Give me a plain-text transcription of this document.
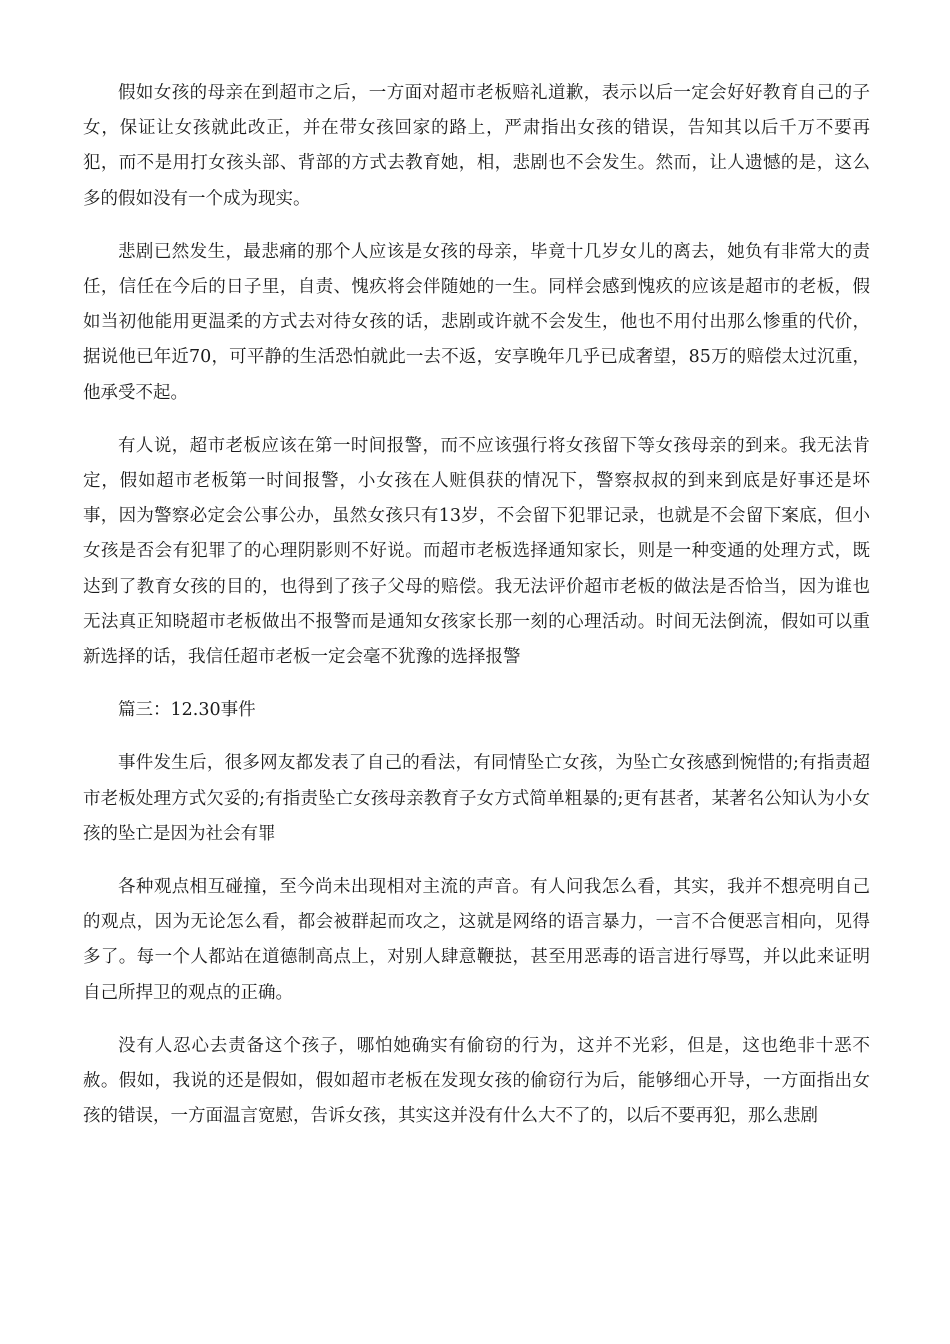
假如女孩的母亲在到超市之后，一方面对超市老板赔礼道歉，表示以后一定会好好教育自己的子女，保证让女孩就此改正，并在带女孩回家的路上，严肃指出女孩的错误，告知其以后千万不要再犯，而不是用打女孩头部、背部的方式去教育她，相，悲剧也不会发生。然而，让人遗憾的是，这么多的假如没有一个成为现实。

悲剧已然发生，最悲痛的那个人应该是女孩的母亲，毕竟十几岁女儿的离去，她负有非常大的责任，信任在今后的日子里，自责、愧疚将会伴随她的一生。同样会感到愧疚的应该是超市的老板，假如当初他能用更温柔的方式去对待女孩的话，悲剧或许就不会发生，他也不用付出那么惨重的代价，据说他已年近70，可平静的生活恐怕就此一去不返，安享晚年几乎已成奢望，85万的赔偿太过沉重，他承受不起。

有人说，超市老板应该在第一时间报警，而不应该强行将女孩留下等女孩母亲的到来。我无法肯定，假如超市老板第一时间报警，小女孩在人赃俱获的情况下，警察叔叔的到来到底是好事还是坏事，因为警察必定会公事公办，虽然女孩只有13岁，不会留下犯罪记录，也就是不会留下案底，但小女孩是否会有犯罪了的心理阴影则不好说。而超市老板选择通知家长，则是一种变通的处理方式，既达到了教育女孩的目的，也得到了孩子父母的赔偿。我无法评价超市老板的做法是否恰当，因为谁也无法真正知晓超市老板做出不报警而是通知女孩家长那一刻的心理活动。时间无法倒流，假如可以重新选择的话，我信任超市老板一定会毫不犹豫的选择报警

篇三：12.30事件

事件发生后，很多网友都发表了自己的看法，有同情坠亡女孩，为坠亡女孩感到惋惜的;有指责超市老板处理方式欠妥的;有指责坠亡女孩母亲教育子女方式简单粗暴的;更有甚者，某著名公知认为小女孩的坠亡是因为社会有罪

各种观点相互碰撞，至今尚未出现相对主流的声音。有人问我怎么看，其实，我并不想亮明自己的观点，因为无论怎么看，都会被群起而攻之，这就是网络的语言暴力，一言不合便恶言相向，见得多了。每一个人都站在道德制高点上，对别人肆意鞭挞，甚至用恶毒的语言进行辱骂，并以此来证明自己所捍卫的观点的正确。

没有人忍心去责备这个孩子，哪怕她确实有偷窃的行为，这并不光彩，但是，这也绝非十恶不赦。假如，我说的还是假如，假如超市老板在发现女孩的偷窃行为后，能够细心开导，一方面指出女孩的错误，一方面温言宽慰，告诉女孩，其实这并没有什么大不了的，以后不要再犯，那么悲剧
